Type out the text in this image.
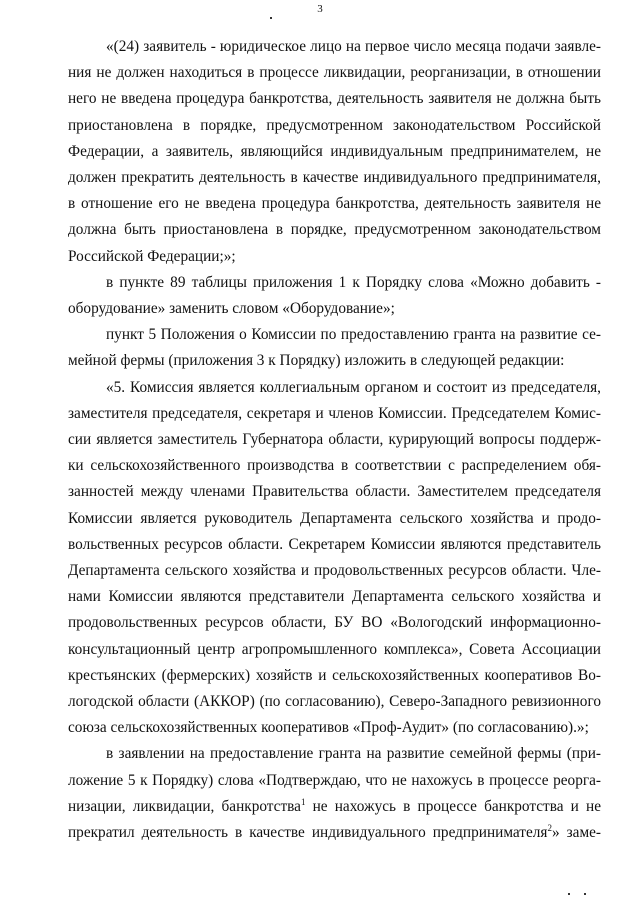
3
«(24) заявитель - юридическое лицо на первое число месяца подачи заявле-
ния не должен находиться в процессе ликвидации, реорганизации, в отношении
него не введена процедура банкротства, деятельность заявителя не должна быть
приостановлена в порядке, предусмотренном законодательством Российской
Федерации, а заявитель, являющийся индивидуальным предпринимателем, не
должен прекратить деятельность в качестве индивидуального предпринимателя,
в отношение его не введена процедура банкротства, деятельность заявителя не
должна быть приостановлена в порядке, предусмотренном законодательством
Российской Федерации;»;
в пункте 89 таблицы приложения 1 к Порядку слова «Можно добавить -
оборудование» заменить словом «Оборудование»;
пункт 5 Положения о Комиссии по предоставлению гранта на развитие се-
мейной фермы (приложения 3 к Порядку) изложить в следующей редакции:
«5. Комиссия является коллегиальным органом и состоит из председателя,
заместителя председателя, секретаря и членов Комиссии. Председателем Комис-
сии является заместитель Губернатора области, курирующий вопросы поддерж-
ки сельскохозяйственного производства в соответствии с распределением обя-
занностей между членами Правительства области. Заместителем председателя
Комиссии является руководитель Департамента сельского хозяйства и продо-
вольственных ресурсов области. Секретарем Комиссии являются представитель
Департамента сельского хозяйства и продовольственных ресурсов области. Чле-
нами Комиссии являются представители Департамента сельского хозяйства и
продовольственных ресурсов области, БУ ВО «Вологодский информационно-
консультационный центр агропромышленного комплекса», Совета Ассоциации
крестьянских (фермерских) хозяйств и сельскохозяйственных кооперативов Во-
логодской области (АККОР) (по согласованию), Северо-Западного ревизионного
союза сельскохозяйственных кооперативов «Проф-Аудит» (по согласованию).»;
в заявлении на предоставление гранта на развитие семейной фермы (при-
ложение 5 к Порядку) слова «Подтверждаю, что не нахожусь в процессе реорга-
низации, ликвидации, банкротства$^1$ не нахожусь в процессе банкротства и не
прекратил деятельность в качестве индивидуального предпринимателя$^2$» заме-
